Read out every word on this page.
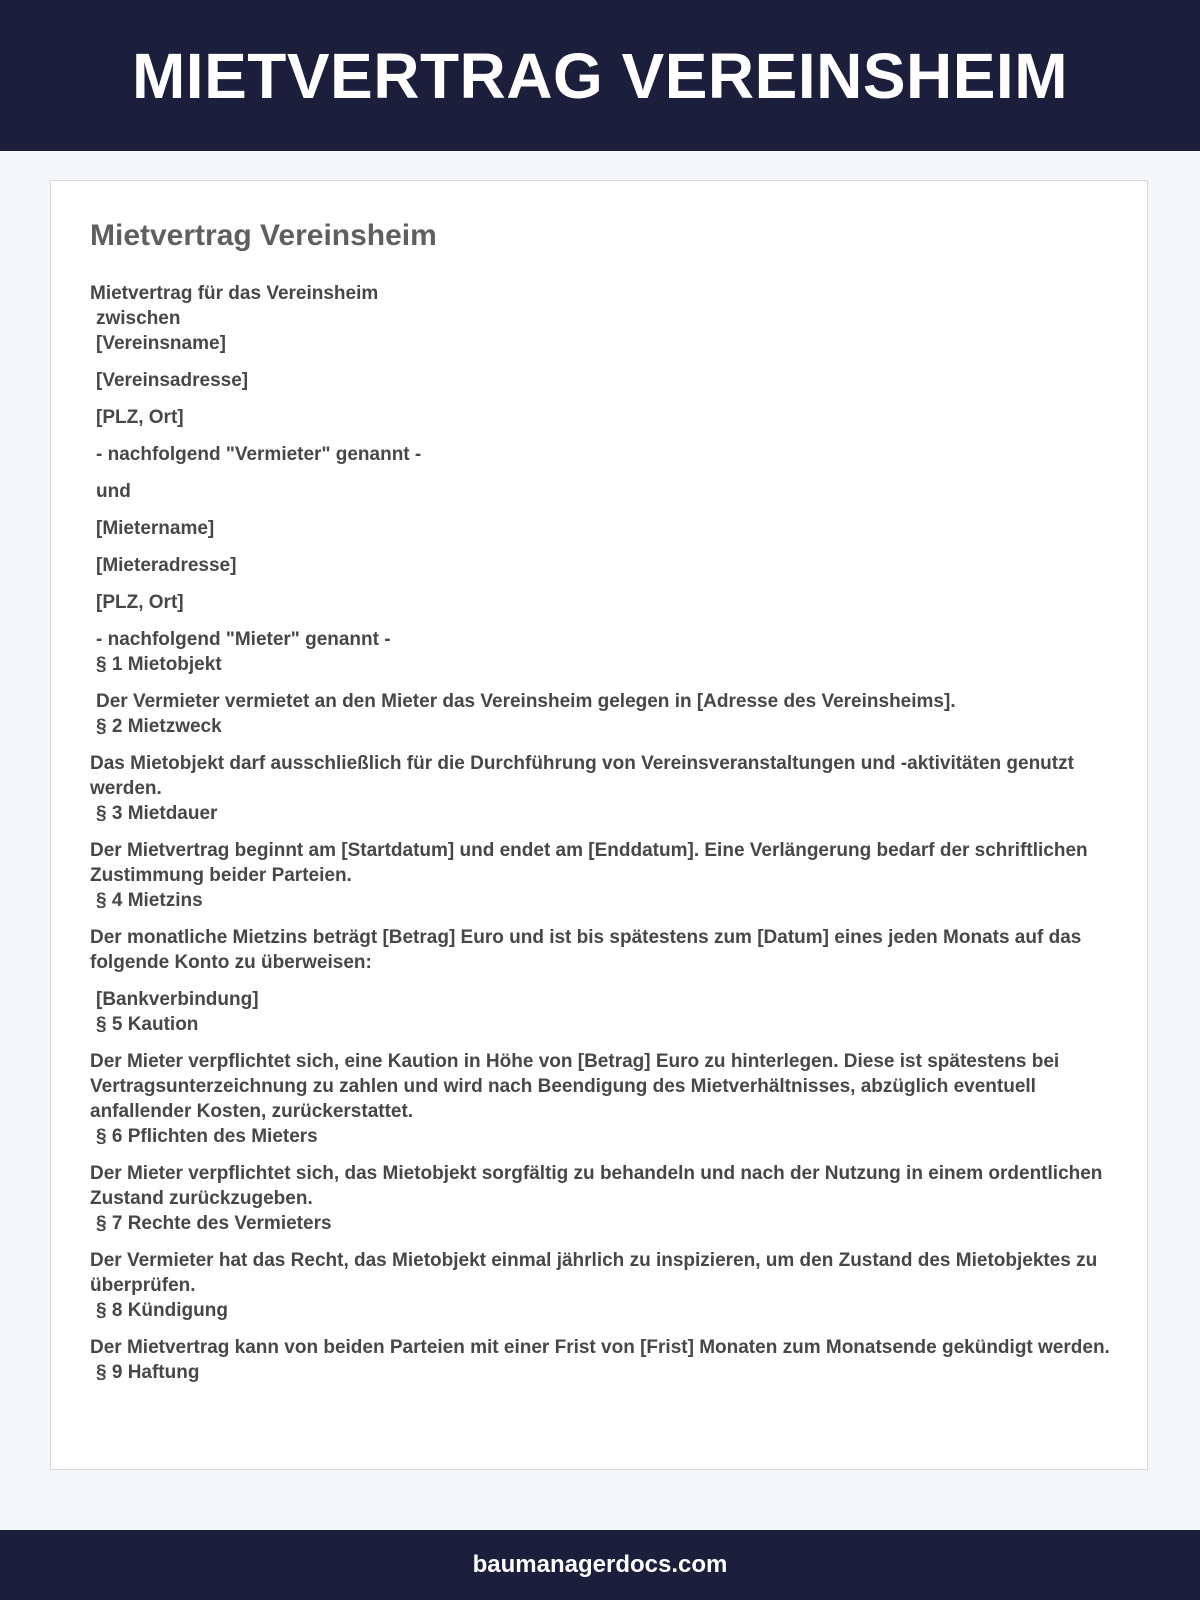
MIETVERTRAG VEREINSHEIM
Mietvertrag Vereinsheim
Mietvertrag für das Vereinsheim
zwischen
[Vereinsname]
[Vereinsadresse]
[PLZ, Ort]
- nachfolgend "Vermieter" genannt -
und
[Mietername]
[Mieteradresse]
[PLZ, Ort]
- nachfolgend "Mieter" genannt -
§ 1 Mietobjekt
Der Vermieter vermietet an den Mieter das Vereinsheim gelegen in [Adresse des Vereinsheims].
§ 2 Mietzweck
Das Mietobjekt darf ausschließlich für die Durchführung von Vereinsveranstaltungen und -aktivitäten genutzt werden.
§ 3 Mietdauer
Der Mietvertrag beginnt am [Startdatum] und endet am [Enddatum]. Eine Verlängerung bedarf der schriftlichen Zustimmung beider Parteien.
§ 4 Mietzins
Der monatliche Mietzins beträgt [Betrag] Euro und ist bis spätestens zum [Datum] eines jeden Monats auf das folgende Konto zu überweisen:
[Bankverbindung]
§ 5 Kaution
Der Mieter verpflichtet sich, eine Kaution in Höhe von [Betrag] Euro zu hinterlegen. Diese ist spätestens bei Vertragsunterzeichnung zu zahlen und wird nach Beendigung des Mietverhältnisses, abzüglich eventuell anfallender Kosten, zurückerstattet.
§ 6 Pflichten des Mieters
Der Mieter verpflichtet sich, das Mietobjekt sorgfältig zu behandeln und nach der Nutzung in einem ordentlichen Zustand zurückzugeben.
§ 7 Rechte des Vermieters
Der Vermieter hat das Recht, das Mietobjekt einmal jährlich zu inspizieren, um den Zustand des Mietobjektes zu überprüfen.
§ 8 Kündigung
Der Mietvertrag kann von beiden Parteien mit einer Frist von [Frist] Monaten zum Monatsende gekündigt werden.
§ 9 Haftung
baumanagerdocs.com
